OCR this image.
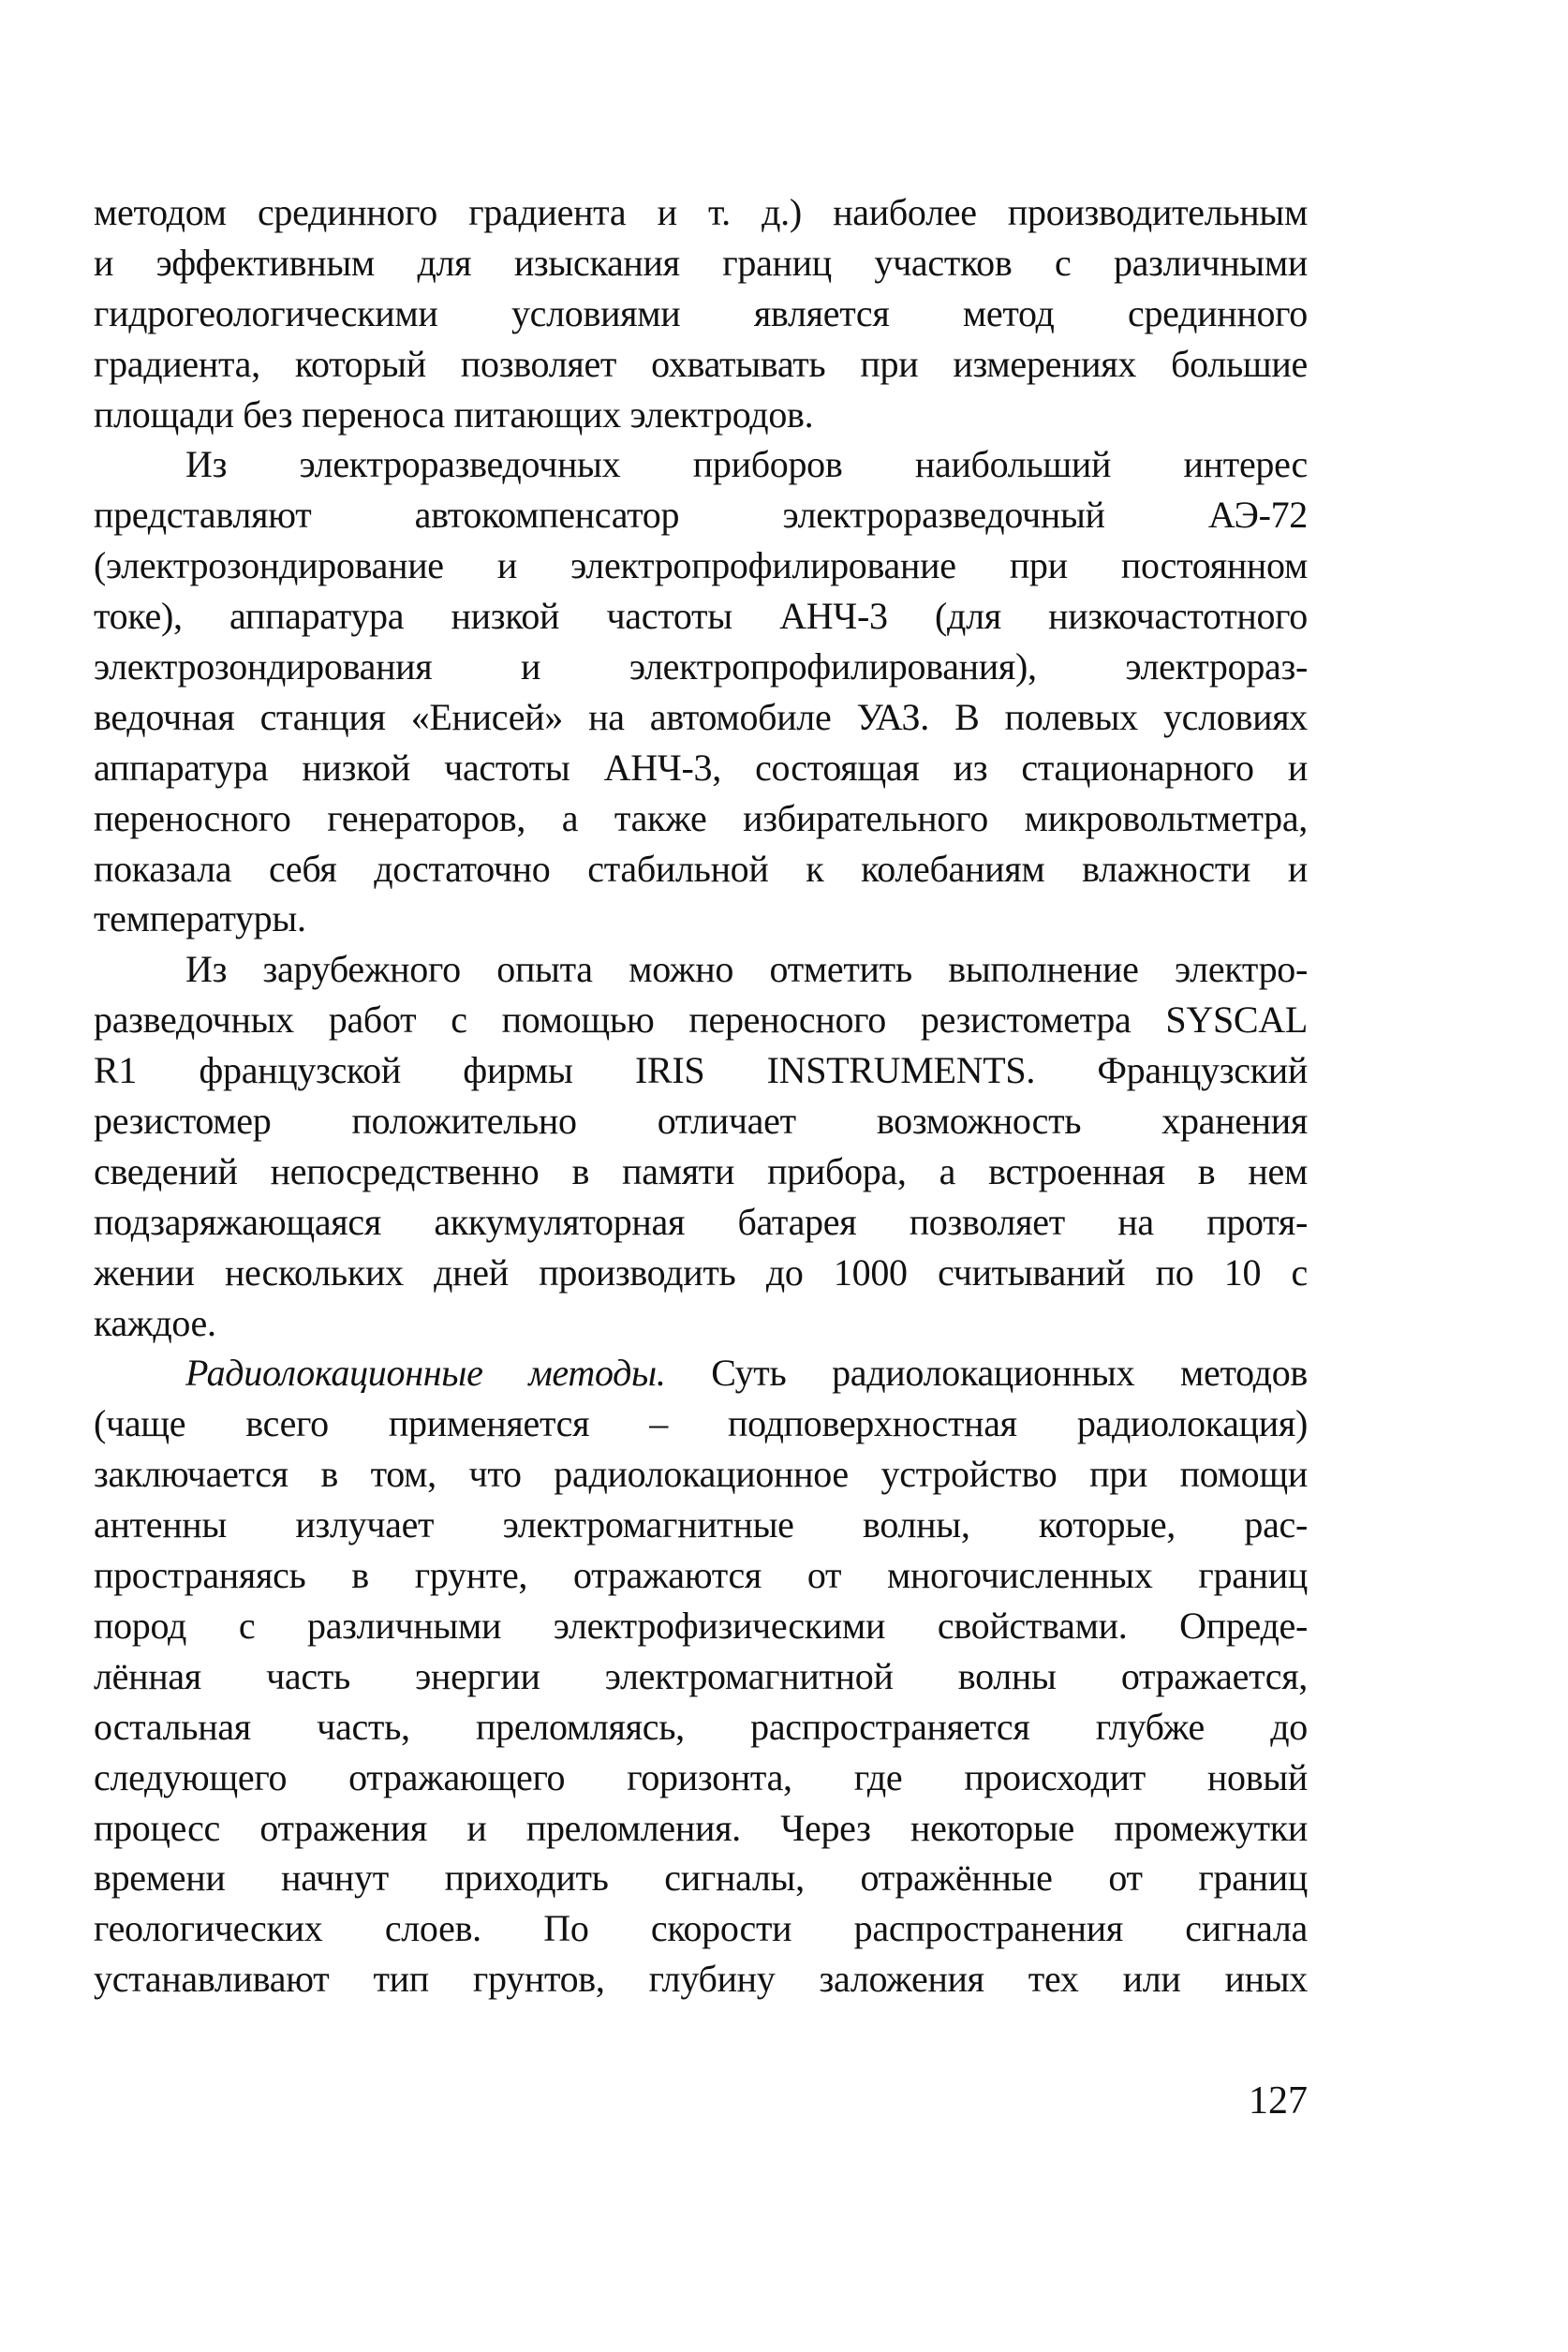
методом срединного градиента и т. д.) наиболее производительным
и эффективным для изыскания границ участков с различными
гидрогеологическими условиями является метод срединного
градиента, который позволяет охватывать при измерениях большие
площади без переноса питающих электродов.
Из электроразведочных приборов наибольший интерес
представляют автокомпенсатор электроразведочный АЭ-72
(электрозондирование и электропрофилирование при постоянном
токе), аппаратура низкой частоты АНЧ-3 (для низкочастотного
электрозондирования и электропрофилирования), электрораз-
ведочная станция «Енисей» на автомобиле УАЗ. В полевых условиях
аппаратура низкой частоты АНЧ-3, состоящая из стационарного и
переносного генераторов, а также избирательного микровольтметра,
показала себя достаточно стабильной к колебаниям влажности и
температуры.
Из зарубежного опыта можно отметить выполнение электро-
разведочных работ с помощью переносного резистометра SYSCAL
R1 французской фирмы IRIS INSTRUMENTS. Французский
резистомер положительно отличает возможность хранения
сведений непосредственно в памяти прибора, а встроенная в нем
подзаряжающаяся аккумуляторная батарея позволяет на протя-
жении нескольких дней производить до 1000 считываний по 10 с
каждое.
Радиолокационные методы. Суть радиолокационных методов
(чаще всего применяется – подповерхностная радиолокация)
заключается в том, что радиолокационное устройство при помощи
антенны излучает электромагнитные волны, которые, рас-
пространяясь в грунте, отражаются от многочисленных границ
пород с различными электрофизическими свойствами. Опреде-
лённая часть энергии электромагнитной волны отражается,
остальная часть, преломляясь, распространяется глубже до
следующего отражающего горизонта, где происходит новый
процесс отражения и преломления. Через некоторые промежутки
времени начнут приходить сигналы, отражённые от границ
геологических слоев. По скорости распространения сигнала
устанавливают тип грунтов, глубину заложения тех или иных
127
